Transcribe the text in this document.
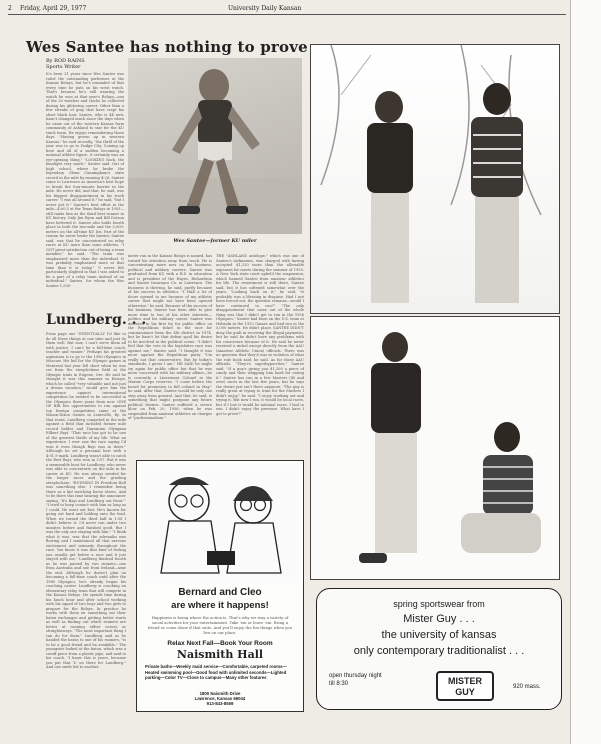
2 Friday, April 29, 1977	University Daily Kansan
Wes Santee has nothing to prove
By ROD RAINS
Sports Writer
It's been 21 years since Wes Santee was ruled the outstanding performer at the Kansas Relays, but he's reminded of that every time he puts on his wrist watch. That's because he's still wearing the watch he won at that year's Relays—one of the 20 watches and clocks he collected during his glittering career. Other than a few streaks of gray that have crept his short black hair, Santee, who is 44 now, hasn't changed much since the days when he came out of the western Kansas farm community of Ashland to star for the KU track team. He enjoys remembering those days. "Having grown up in western Kansas," he said recently, "the thrill of the year was to go to Dodge City. Coming up here and all of a sudden becoming a national athlete figure, it certainly was an eye-opening thing." "LOOKING back, the limelight very much," Santee said. Out of high school, where he broke the legendary Glenn Cunningham's state record in the mile by running 4:26, Santee came to Lawrence as America's best hope to break the four-minute barrier in the mile. He never did, and that, he said, was his biggest disappointment in his track career. "I was all around it," he said, "but I never got it." Santee's best effort in the mile—4:00.5 at the Texas Relays in 1955—still ranks him as the third best runner in KU history. Only Jim Ryun and Bill Dotson have bettered it. Santee also holds fourth place in both the two-mile and the 5,000-meters on the all-time KU list. Part of the reason he never broke the barrier, Santee said, was that he concentrated on relay races at KU more than some athletes. "I GOT great satisfaction out of being a team member," he said. "The team was emphasized more than the individual. It was probably emphasized more at that time than it is today." "I never felt particularly slighted in that I was asked to be a part of a relay team instead of an individual." Santee, for whom the Wes Santee 1,500-
Lundberg. . .
From page one "EVENTUALLY I'd like to do all these things at one time and just do them well. But now, I can't serve them all with justice. I can't be a full-time coach, teacher and runner." Perhaps his greatest aspiration is to go to the 1980 Olympics in Moscow. His bid for the Olympic games in Montreal last year fell short when he was cut from the steeplechase field at the Olympic trials in Eugene, Ore. He said he thought it was this summer in Europe, which he called "very valuable and not just a dream vacation," would give him the experience against international competition he needed to be successful in the Olympics three years from now. ONE OF BIB few opportunities to run against top foreign competition came at the Mason-Dixon Games in Louisville, Ky. In that event, Lundberg competed in the mile against a field that included former mile record holder and Tanzanian Olympian Filbert Bayi. "That race has got to be one of the greatest thrills of my life. What an experience. I ever saw the race saying I'd won it even though Bayi was in there." Although he set a personal best with a 4:01.9 mark, Lundberg wasn't able to catch the fleet Bayi, who won in 3:57. But it was a memorable bout for Lundberg, who never was able to concentrate on the mile in his career at KU. He was always needed for the longer races and the grueling steeplechase. "RUNNING IN Freedom Hall was something else. I remember being there as a kid watching horse shows. And to be there this time hearing the announcer saying, 'It's Bayi and Lundberg out front.'" "I tried to keep contact with him as long as I could. He went out fast. He's known for going out hard and holding onto the lead. When we turned the third half in 1:58 I didn't believe it. I'd never run under two minutes before and finished good. But I was the only one staying with him." "I think what it was, was that the adrenalin was flowing and I maintained all that nervous excitement and intensity throughout the race. You know it was that kind of feeling you usually get before a race and it just stayed with me." Lundberg finished fourth as he was passed by two runners—one from Australia and one from Ireland—near the end. Although he doesn't plan on becoming a full-time coach until after the 1980 Olympics, he's already begun his coaching career. Lundberg is coaching an elementary relay team that will compete in the Kansas Relays. He spends time during his lunch hour and after school working with his squad of two boys and two girls to prepare for the Relays. In practice he works with them on smoothing out their baton exchanges and getting better starts as well as finding out which runners are better at running either curves or straightaways. "The most important thing I can do for them," Lundberg said as he handed the baton to one of his runners, "is to be a good friend and be available." The youngster looked at the baton, which was a cutoff piece from a plastic pipe, and said to his coach, "I know this is yours, because you put that 'L' on there for Lundberg." And one smile led to another.
Wes Santee—former KU miler
meter run in the Kansas Relays is named, has turned his attention away from track. He is concentrating more now on his business, political and military careers. Santee was graduated from KU with a B.S. in education and is president of the Hayes, Richardson and Santee Insurance Co. in Lawrence. The business is thriving, he said, partly because of his success in athletics. "I HAD a lot of doors opened to me because of my athletic career that might not have been opened otherwise," he said. Because of the success of his business, Santee has been able to give more time to two of his other interests—politics and his military career. Santee was defeated in his first try for public office on the Republican ticket in the race for commissioner from the 4th district in 1974, but he hasn't let that defeat spoil his desire to be involved in the political scene. "I didn't feel that the vote in the legislative race was against me," Santee said. "I thought it was more against the Republican party. "I'm really not that conservative. But by today's standards, I guess I am." HE SAID he might try again for public office but that he was more concerned with his military affairs—he is currently a Lieutenant Colonel in the Marine Corps reserves. "I come before the board for promotion to full colonel in May," he said. After that, Santee would be only one step away from general. And that, he said, is something that might postpone any future political desires. Santee suffered a severe blow on Feb. 20, 1956, when he was suspended from amateur athletics on charges of "professionalism."
THE "ASHLAND antelope," which was one of Santee's nicknames, was charged with having accepted $1,220 more than the allowable expenses for meets during the summer of 1955. A New York state court upheld the suspension, which banned Santee from amateur athletics for life. The resentment is still there, Santee said, but it has softened somewhat over the years. "Looking back on it," he said, "it probably was a blessing in disguise. Had I not been forced out, the question remains—would I have continued to run?" "The only disappointment that came out of the whole thing was that I didn't get to run in the 1956 Olympics." Santee had been on the U.S. team at Helsinki in the 1952 Games and had run in the 5,000 meters. He didn't place. SANTEE DIDN'T deny the guilt in receiving the illegal payments, but he said he didn't have any problems with his conscience because of it. He said he never received a nickel except directly from the AAU (Amateur Athletic Union) officials. There was no question that they'd was in violation of what the rule book said, he said. As for those AAU officials, "They're superhypocrites," Santee said. "If a guy's giving you $1,200 a piece of candy and then whipping him hard for eating it." Santee has run in a few Masters (40 and over) races in the last few years, but he says the desire just isn't there anymore. "The guy is really great at trying to train for the Masters I didn't enjoy," he said. "I enjoy working out and trying it. But now I run, it would be local races, but if I lost it would be national races. I had to win. I didn't enjoy the pressure. What have I got to prove?"
Bernard and Cleo
are where it happens!
Happiness is being where the action is. That's why we stay a variety of social activities for your entertainment. Take 'em or leave 'em. Bring a friend or come alone if that suits. And you'll enjoy the fun things when you live on our place.
Relax Next Fall—Book Your Room
Naismith Hall
Private baths—Weekly maid service—Comfortable, carpeted rooms—Heated swimming pool—Good food with unlimited seconds—Lighted parking—Color TV—Close to campus—Many other features
1800 Naismith Drive
Lawrence, Kansas 66044
913-843-8559
spring sportswear from
Mister Guy . . .
the university of kansas
only contemporary traditionalist . . .
open thursday night
till 8:30	MISTER
GUY	920 mass.
